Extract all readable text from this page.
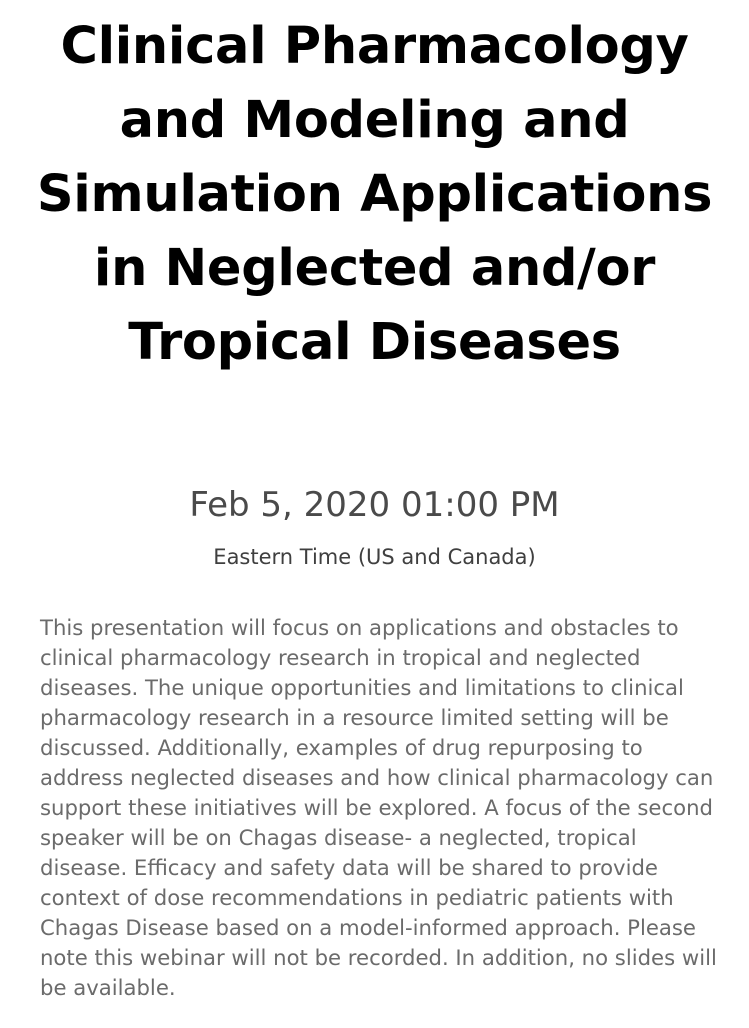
Clinical Pharmacology and Modeling and Simulation Applications in Neglected and/or Tropical Diseases
Feb 5, 2020 01:00 PM
Eastern Time (US and Canada)

This presentation will focus on applications and obstacles to clinical pharmacology research in tropical and neglected diseases. The unique opportunities and limitations to clinical pharmacology research in a resource limited setting will be discussed. Additionally, examples of drug repurposing to address neglected diseases and how clinical pharmacology can support these initiatives will be explored. A focus of the second speaker will be on Chagas disease- a neglected, tropical disease. Efficacy and safety data will be shared to provide context of dose recommendations in pediatric patients with Chagas Disease based on a model-informed approach. Please note this webinar will not be recorded. In addition, no slides will be available.
